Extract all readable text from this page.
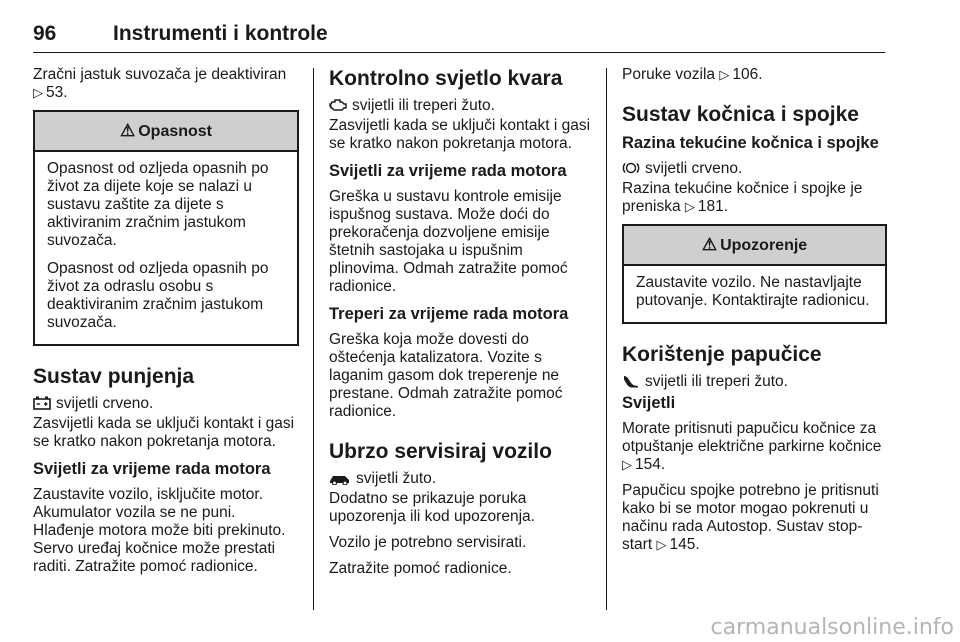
96	Instrumenti i kontrole

Zračni jastuk suvozača je deaktiviran ▷ 53.

⚠ Opasnost

Opasnost od ozljeda opasnih po život za dijete koje se nalazi u sustavu zaštite za dijete s aktiviranim zračnim jastukom suvozača.

Opasnost od ozljeda opasnih po život za odraslu osobu s deaktiviranim zračnim jastukom suvozača.

Sustav punjenja

svijetli crveno.

Zasvijetli kada se uključi kontakt i gasi se kratko nakon pokretanja motora.

Svijetli za vrijeme rada motora

Zaustavite vozilo, isključite motor. Akumulator vozila se ne puni. Hlađenje motora može biti prekinuto. Servo uređaj kočnice može prestati raditi. Zatražite pomoć radionice.

Kontrolno svjetlo kvara

svijetli ili treperi žuto.

Zasvijetli kada se uključi kontakt i gasi se kratko nakon pokretanja motora.

Svijetli za vrijeme rada motora

Greška u sustavu kontrole emisije ispušnog sustava. Može doći do prekoračenja dozvoljene emisije štetnih sastojaka u ispušnim plinovima. Odmah zatražite pomoć radionice.

Treperi za vrijeme rada motora

Greška koja može dovesti do oštećenja katalizatora. Vozite s laganim gasom dok treperenje ne prestane. Odmah zatražite pomoć radionice.

Ubrzo servisiraj vozilo

svijetli žuto.

Dodatno se prikazuje poruka upozorenja ili kod upozorenja.

Vozilo je potrebno servisirati.

Zatražite pomoć radionice.

Poruke vozila ▷ 106.

Sustav kočnica i spojke
Razina tekućine kočnica i spojke

svijetli crveno.

Razina tekućine kočnice i spojke je preniska ▷ 181.

⚠ Upozorenje

Zaustavite vozilo. Ne nastavljajte putovanje. Kontaktirajte radionicu.

Korištenje papučice

svijetli ili treperi žuto.

Svijetli

Morate pritisnuti papučicu kočnice za otpuštanje električne parkirne kočnice ▷ 154.

Papučicu spojke potrebno je pritisnuti kako bi se motor mogao pokrenuti u načinu rada Autostop. Sustav stop-start ▷ 145.

carmanualsonline.info
